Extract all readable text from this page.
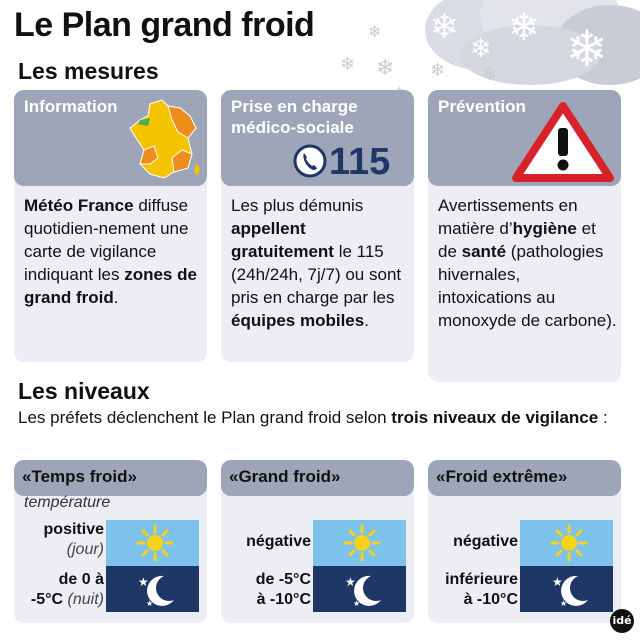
❄ ❄ ❄
❄
❄
❄ ❄ ❄ ❄
Le Plan grand froid
Les mesures
Information
Météo France diffuse quotidien-nement une carte de vigilance indiquant les zones de grand froid.
Prise en charge
médico-sociale
115
Les plus démunis appellent gratuitement le 115 (24h/24h, 7j/7) ou sont pris en charge par les équipes mobiles.
Prévention
Avertissements en matière d’hygiène et de santé (pathologies hivernales, intoxications au monoxyde de carbone).
Les niveaux
Les préfets déclenchent le Plan grand froid selon trois niveaux de vigilance :
«Temps froid»
température
positive
(jour)
de 0 à
-5°C (nuit)
★
★
«Grand froid»
négative
de -5°C
à -10°C
★
★
«Froid extrême»
négative
inférieure
à -10°C
★
★
idé
